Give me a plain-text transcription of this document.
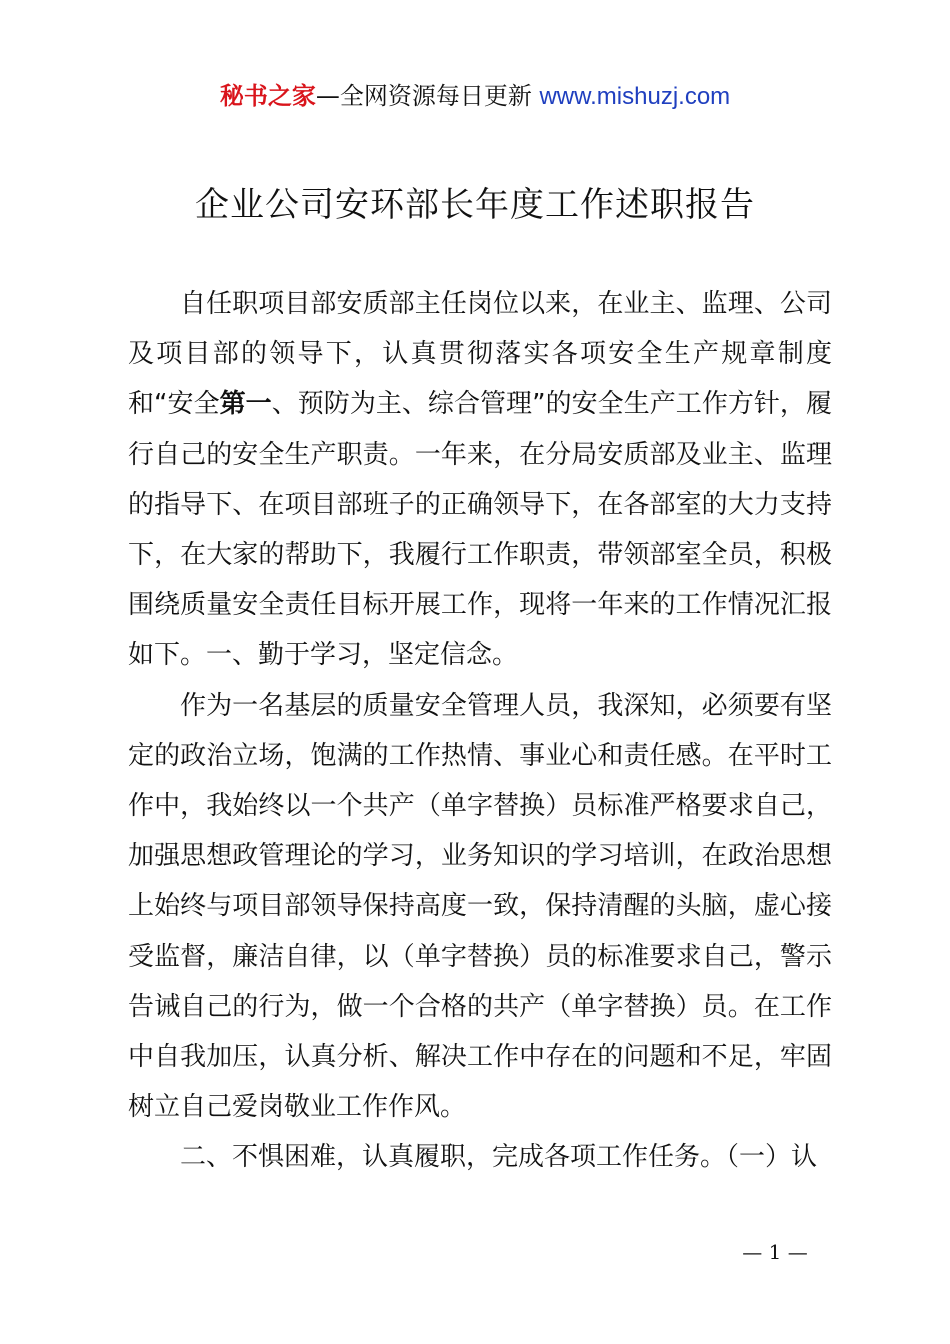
秘书之家—全网资源每日更新 www.mishuzj.com
企业公司安环部长年度工作述职报告

自任职项目部安质部主任岗位以来，在业主、监理、公司及项目部的领导下，认真贯彻落实各项安全生产规章制度和“安全第一、预防为主、综合管理”的安全生产工作方针，履行自己的安全生产职责。一年来，在分局安质部及业主、监理的指导下、在项目部班子的正确领导下，在各部室的大力支持下，在大家的帮助下，我履行工作职责，带领部室全员，积极围绕质量安全责任目标开展工作，现将一年来的工作情况汇报如下。一、勤于学习，坚定信念。

作为一名基层的质量安全管理人员，我深知，必须要有坚定的政治立场，饱满的工作热情、事业心和责任感。在平时工作中，我始终以一个共产（单字替换）员标准严格要求自己，加强思想政管理论的学习，业务知识的学习培训，在政治思想上始终与项目部领导保持高度一致，保持清醒的头脑，虚心接受监督，廉洁自律，以（单字替换）员的标准要求自己，警示告诫自己的行为，做一个合格的共产（单字替换）员。在工作中自我加压，认真分析、解决工作中存在的问题和不足，牢固树立自己爱岗敬业工作作风。

二、不惧困难，认真履职，完成各项工作任务。（一）认

— 1 —
